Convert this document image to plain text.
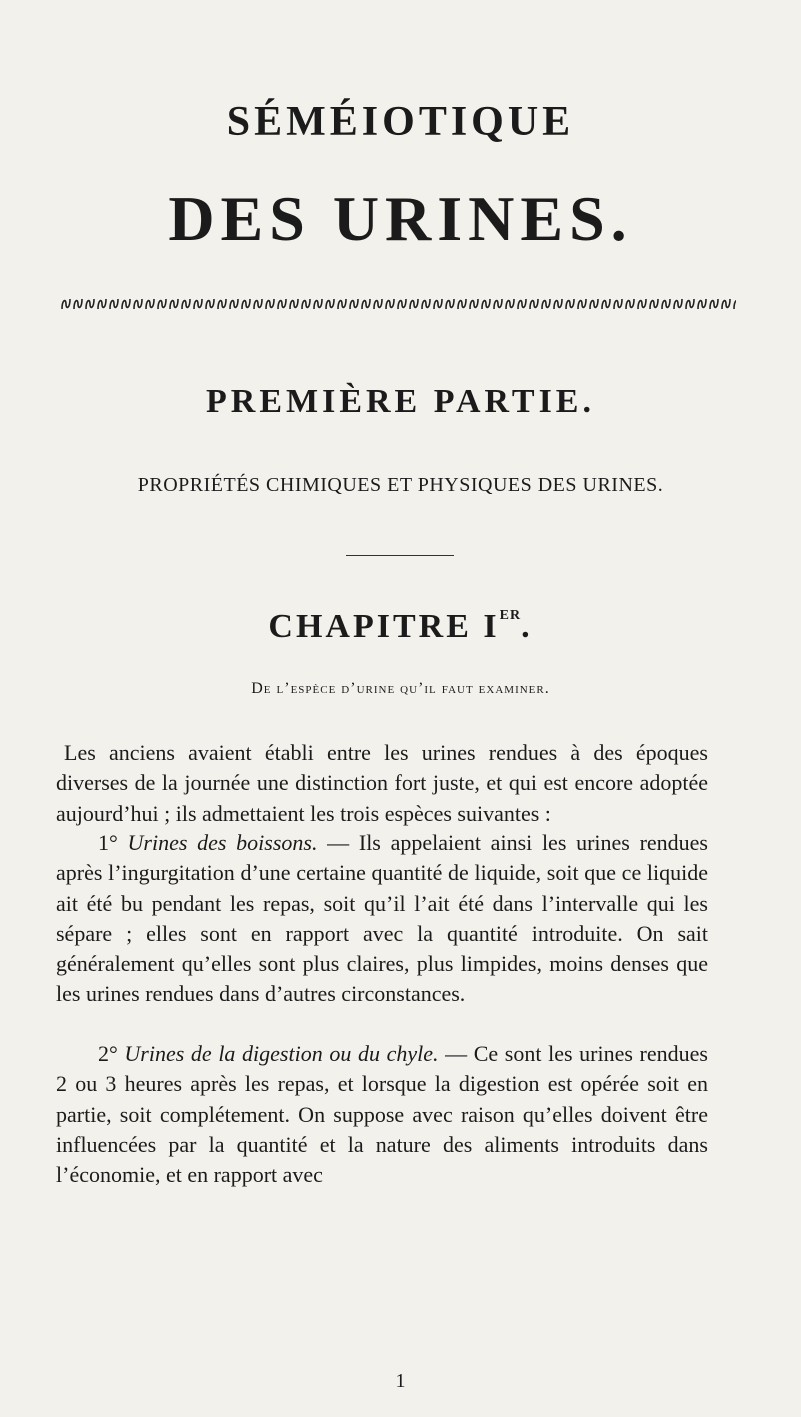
SÉMÉIOTIQUE
DES URINES.
PREMIÈRE PARTIE.
PROPRIÉTÉS CHIMIQUES ET PHYSIQUES DES URINES.
CHAPITRE IER.
De l’espèce d’urine qu’il faut examiner.
Les anciens avaient établi entre les urines rendues à des époques diverses de la journée une distinction fort juste, et qui est encore adoptée aujourd’hui ; ils admettaient les trois espèces suivantes :
1° Urines des boissons. — Ils appelaient ainsi les urines rendues après l’ingurgitation d’une certaine quantité de liquide, soit que ce liquide ait été bu pendant les repas, soit qu’il l’ait été dans l’intervalle qui les sépare ; elles sont en rapport avec la quantité introduite. On sait généralement qu’elles sont plus claires, plus limpides, moins denses que les urines rendues dans d’autres circonstances.
2° Urines de la digestion ou du chyle. — Ce sont les urines rendues 2 ou 3 heures après les repas, et lorsque la digestion est opérée soit en partie, soit complétement. On suppose avec raison qu’elles doivent être influencées par la quantité et la nature des aliments introduits dans l’économie, et en rapport avec
1
